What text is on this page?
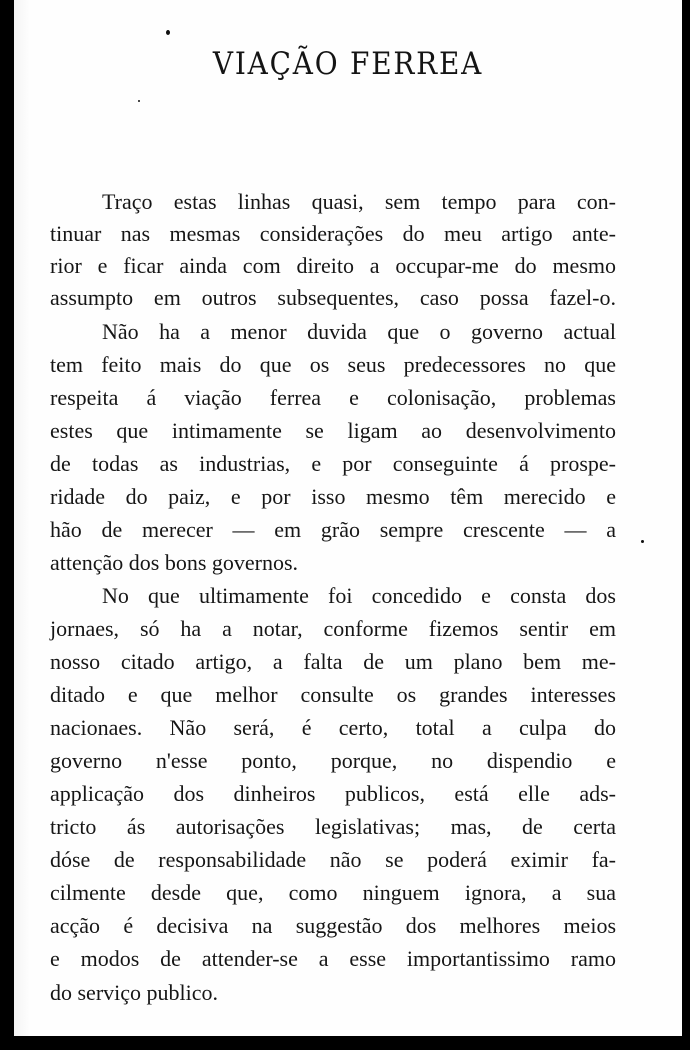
VIAÇÃO FERREA
Traço estas linhas quasi, sem tempo para con-
tinuar nas mesmas considerações do meu artigo ante-
rior e ficar ainda com direito a occupar-me do mesmo
assumpto em outros subsequentes, caso possa fazel-o.
Não ha a menor duvida que o governo actual
tem feito mais do que os seus predecessores no que
respeita á viação ferrea e colonisação, problemas
estes que intimamente se ligam ao desenvolvimento
de todas as industrias, e por conseguinte á prospe-
ridade do paiz, e por isso mesmo têm merecido e
hão de merecer — em grão sempre crescente — a
attenção dos bons governos.
No que ultimamente foi concedido e consta dos
jornaes, só ha a notar, conforme fizemos sentir em
nosso citado artigo, a falta de um plano bem me-
ditado e que melhor consulte os grandes interesses
nacionaes. Não será, é certo, total a culpa do
governo n'esse ponto, porque, no dispendio e
applicação dos dinheiros publicos, está elle ads-
tricto ás autorisações legislativas; mas, de certa
dóse de responsabilidade não se poderá eximir fa-
cilmente desde que, como ninguem ignora, a sua
acção é decisiva na suggestão dos melhores meios
e modos de attender-se a esse importantissimo ramo
do serviço publico.
